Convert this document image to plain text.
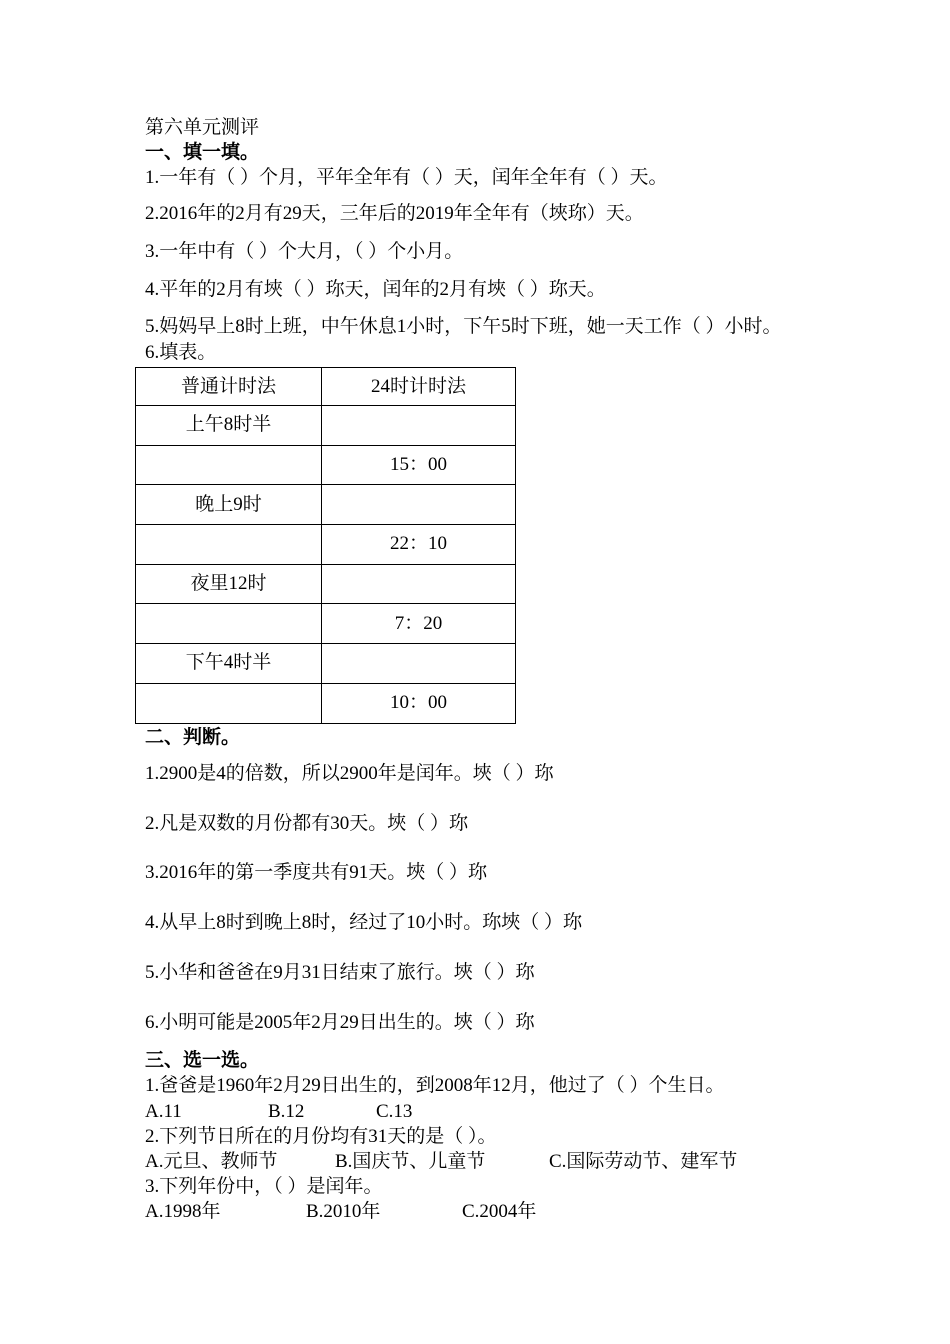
第六单元测评
一、填一填。
1.一年有（ ）个月，平年全年有（ ）天，闰年全年有（ ）天。
2.2016年的2月有29天，三年后的2019年全年有（埉珎）天。
3.一年中有（ ）个大月，（ ）个小月。
4.平年的2月有埉（ ）珎天，闰年的2月有埉（ ）珎天。
5.妈妈早上8时上班，中午休息1小时，下午5时下班，她一天工作（ ）小时。
6.填表。
普通计时法	24时计时法
上午8时半	
	15：00
晚上9时	
	22：10
夜里12时	
	7：20
下午4时半	
	10：00
二、判断。
1.2900是4的倍数，所以2900年是闰年。埉（ ）珎
2.凡是双数的月份都有30天。埉（ ）珎
3.2016年的第一季度共有91天。埉（ ）珎
4.从早上8时到晚上8时，经过了10小时。珎埉（ ）珎
5.小华和爸爸在9月31日结束了旅行。埉（ ）珎
6.小明可能是2005年2月29日出生的。埉（ ）珎
三、选一选。
1.爸爸是1960年2月29日出生的，到2008年12月，他过了（ ）个生日。
A.11	B.12	C.13
2.下列节日所在的月份均有31天的是（ ）。
A.元旦、教师节	B.国庆节、儿童节	C.国际劳动节、建军节
3.下列年份中，（ ）是闰年。
A.1998年	B.2010年	C.2004年
